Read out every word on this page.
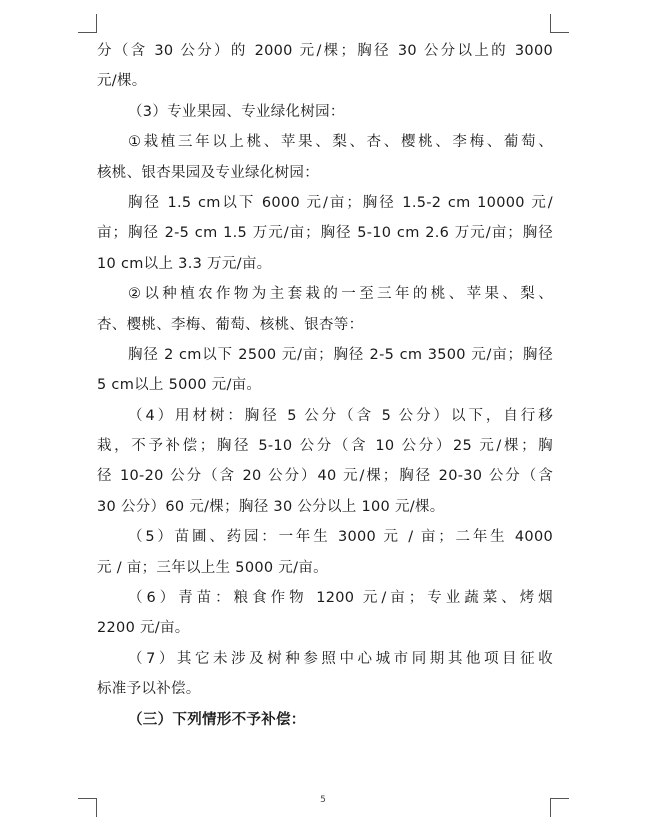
分（含 30 公分）的 2000 元/棵；胸径 30 公分以上的 3000
元/棵。
（3）专业果园、专业绿化树园：
①栽植三年以上桃、苹果、梨、杏、樱桃、李梅、葡萄、
核桃、银杏果园及专业绿化树园：
胸径 1.5 cm以下 6000 元/亩；胸径 1.5-2 cm 10000 元/
亩；胸径 2-5 cm 1.5 万元/亩；胸径 5-10 cm 2.6 万元/亩；胸径
10 cm以上 3.3 万元/亩。
②以种植农作物为主套栽的一至三年的桃、苹果、梨、
杏、樱桃、李梅、葡萄、核桃、银杏等：
胸径 2 cm以下 2500 元/亩；胸径 2-5 cm 3500 元/亩；胸径
5 cm以上 5000 元/亩。
（4）用材树：胸径 5 公分（含 5 公分）以下，自行移
栽，不予补偿；胸径 5-10 公分（含 10 公分）25 元/棵；胸
径 10-20 公分（含 20 公分）40 元/棵；胸径 20-30 公分（含
30 公分）60 元/棵；胸径 30 公分以上 100 元/棵。
（5）苗圃、药园：一年生 3000 元 / 亩；二年生 4000
元 / 亩；三年以上生 5000 元/亩。
（6）青苗：粮食作物 1200 元/亩；专业蔬菜、烤烟
2200 元/亩。
（7）其它未涉及树种参照中心城市同期其他项目征收
标准予以补偿。
（三）下列情形不予补偿：
5
